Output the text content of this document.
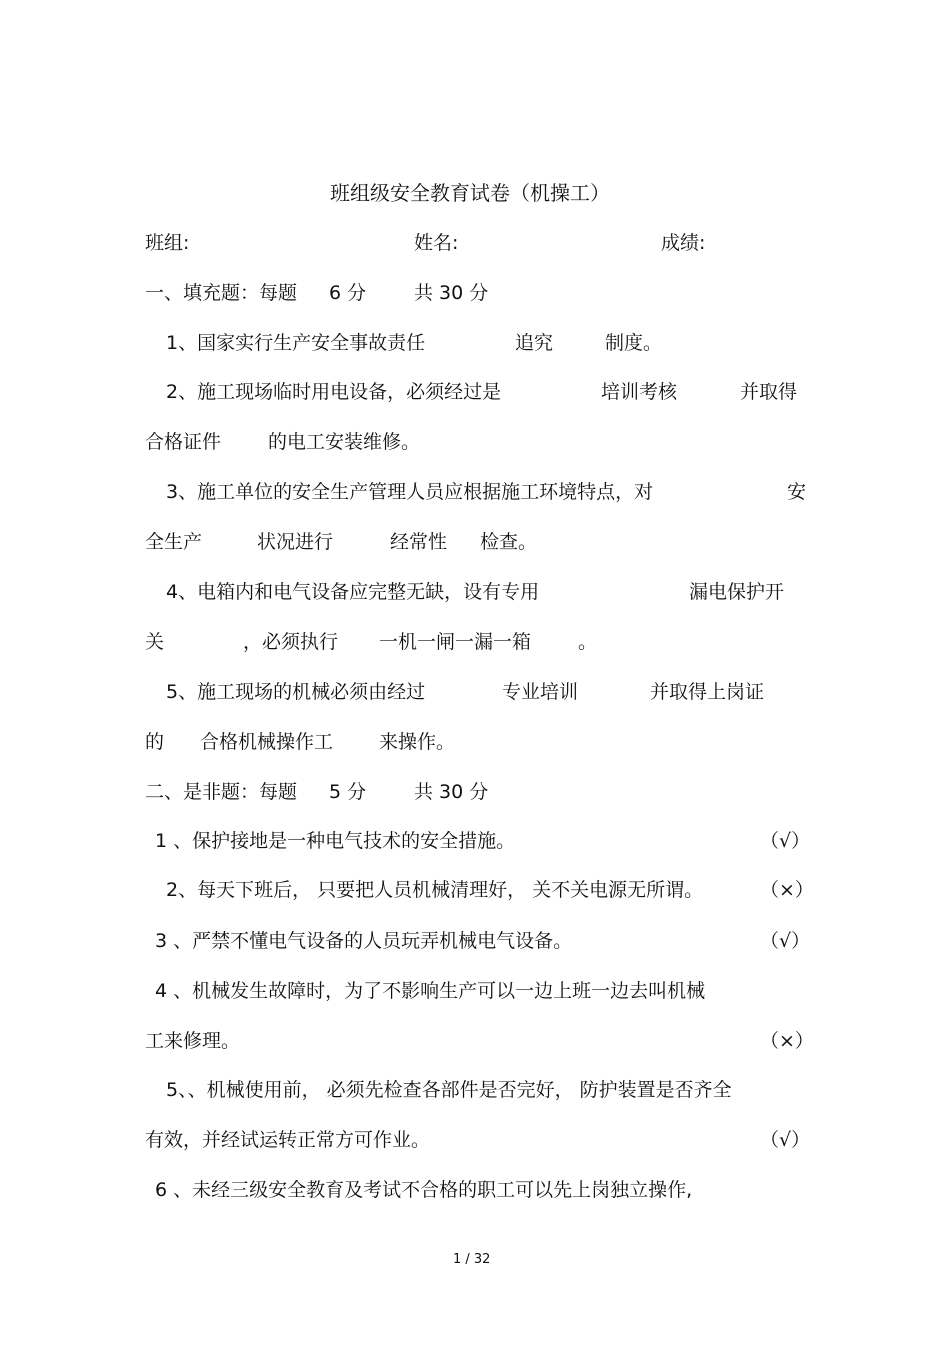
班组级安全教育试卷（机操工）
班组:	姓名:	成绩:
一、填充题：每题 6 分	共 30 分
1、国家实行生产安全事故责任	追究	制度。
2、施工现场临时用电设备，必须经过是	培训考核	并取得
合格证件 的电工安装维修。
3、施工单位的安全生产管理人员应根据施工环境特点，对	安
全生产	状况进行	经常性 检查。
4、电箱内和电气设备应完整无缺，设有专用	漏电保护开
关	，必须执行 一机一闸一漏一箱 。
5、施工现场的机械必须由经过	专业培训	并取得上岗证
的 合格机械操作工 来操作。
二、是非题：每题 5 分	共 30 分
1 、保护接地是一种电气技术的安全措施。	（√）
2、每天下班后， 只要把人员机械清理好， 关不关电源无所谓。	（×）
3 、严禁不懂电气设备的人员玩弄机械电气设备。	（√）
4 、机械发生故障时，为了不影响生产可以一边上班一边去叫机械
工来修理。	（×）
5、、机械使用前， 必须先检查各部件是否完好， 防护装置是否齐全
有效，并经试运转正常方可作业。	（√）
6 、未经三级安全教育及考试不合格的职工可以先上岗独立操作,
1 / 32
